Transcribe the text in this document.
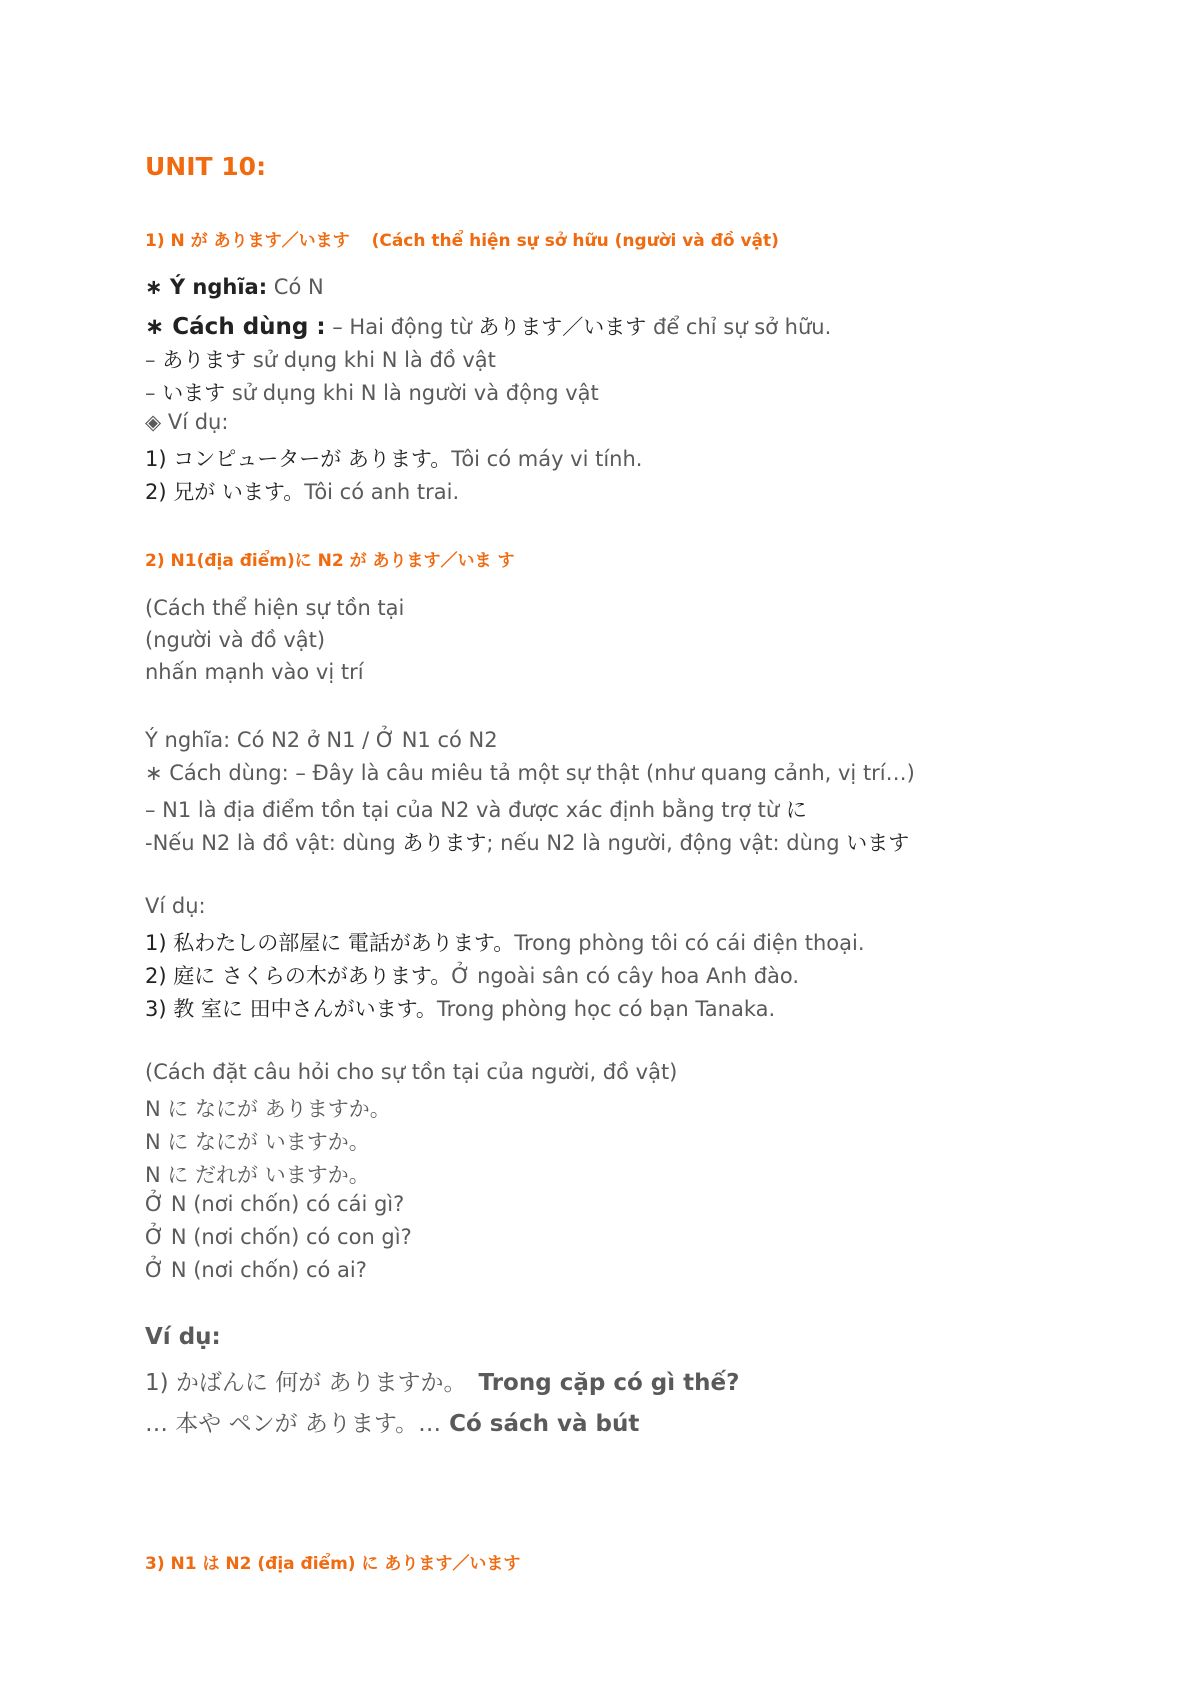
UNIT 10:
1) N が あります／います (Cách thể hiện sự sở hữu (người và đồ vật)
∗ Ý nghĩa: Có N
∗ Cách dùng : – Hai động từ あります／います để chỉ sự sở hữu.
– あります sử dụng khi N là đồ vật
– います sử dụng khi N là người và động vật
◈ Ví dụ:
1) コンピューターが あります。Tôi có máy vi tính.
2) 兄が います。Tôi có anh trai.
2) N1(địa điểm)に N2 が あります／いま す
(Cách thể hiện sự tồn tại
(người và đồ vật)
nhấn mạnh vào vị trí
Ý nghĩa: Có N2 ở N1 / Ở N1 có N2
∗ Cách dùng: – Đây là câu miêu tả một sự thật (như quang cảnh, vị trí…)
– N1 là địa điểm tồn tại của N2 và được xác định bằng trợ từ に
-Nếu N2 là đồ vật: dùng あります; nếu N2 là người, động vật: dùng います
Ví dụ:
1) 私わたしの部屋に 電話があります。Trong phòng tôi có cái điện thoại.
2) 庭に さくらの木があります。Ở ngoài sân có cây hoa Anh đào.
3) 教 室に 田中さんがいます。Trong phòng học có bạn Tanaka.
(Cách đặt câu hỏi cho sự tồn tại của người, đồ vật)
N に なにが ありますか。
N に なにが いますか。
N に だれが いますか。
Ở N (nơi chốn) có cái gì?
Ở N (nơi chốn) có con gì?
Ở N (nơi chốn) có ai?
Ví dụ:
1) かばんに 何が ありますか。 Trong cặp có gì thế?
… 本や ペンが あります。… Có sách và bút
3) N1 は N2 (địa điểm) に あります／います
